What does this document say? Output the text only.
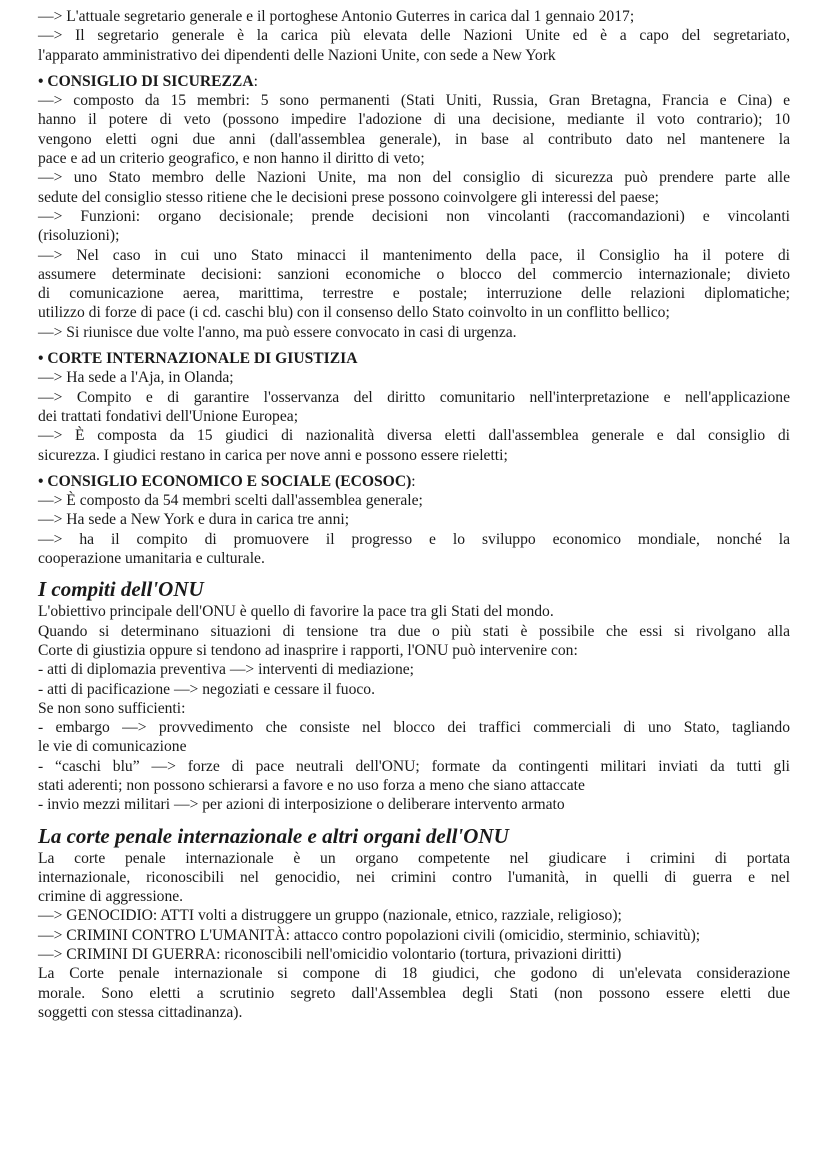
—> L'attuale segretario generale e il portoghese Antonio Guterres in carica dal 1 gennaio 2017;
—> Il segretario generale è la carica più elevata delle Nazioni Unite ed è a capo del segretariato,
l'apparato amministrativo dei dipendenti delle Nazioni Unite, con sede a New York
• CONSIGLIO DI SICUREZZA:
—> composto da 15 membri: 5 sono permanenti (Stati Uniti, Russia, Gran Bretagna, Francia e Cina) e
hanno il potere di veto (possono impedire l'adozione di una decisione, mediante il voto contrario); 10
vengono eletti ogni due anni (dall'assemblea generale), in base al contributo dato nel mantenere la
pace e ad un criterio geografico, e non hanno il diritto di veto;
—> uno Stato membro delle Nazioni Unite, ma non del consiglio di sicurezza può prendere parte alle
sedute del consiglio stesso ritiene che le decisioni prese possono coinvolgere gli interessi del paese;
—> Funzioni: organo decisionale; prende decisioni non vincolanti (raccomandazioni) e vincolanti
(risoluzioni);
—> Nel caso in cui uno Stato minacci il mantenimento della pace, il Consiglio ha il potere di
assumere determinate decisioni: sanzioni economiche o blocco del commercio internazionale; divieto
di comunicazione aerea, marittima, terrestre e postale; interruzione delle relazioni diplomatiche;
utilizzo di forze di pace (i cd. caschi blu) con il consenso dello Stato coinvolto in un conflitto bellico;
—> Si riunisce due volte l'anno, ma può essere convocato in casi di urgenza.
• CORTE INTERNAZIONALE DI GIUSTIZIA
—> Ha sede a l'Aja, in Olanda;
—> Compito e di garantire l'osservanza del diritto comunitario nell'interpretazione e nell'applicazione
dei trattati fondativi dell'Unione Europea;
—> È composta da 15 giudici di nazionalità diversa eletti dall'assemblea generale e dal consiglio di
sicurezza. I giudici restano in carica per nove anni e possono essere rieletti;
• CONSIGLIO ECONOMICO E SOCIALE (ECOSOC):
—> È composto da 54 membri scelti dall'assemblea generale;
—> Ha sede a New York e dura in carica tre anni;
—> ha il compito di promuovere il progresso e lo sviluppo economico mondiale, nonché la
cooperazione umanitaria e culturale.
I compiti dell'ONU
L'obiettivo principale dell'ONU è quello di favorire la pace tra gli Stati del mondo.
Quando si determinano situazioni di tensione tra due o più stati è possibile che essi si rivolgano alla
Corte di giustizia oppure si tendono ad inasprire i rapporti, l'ONU può intervenire con:
- atti di diplomazia preventiva —> interventi di mediazione;
- atti di pacificazione —> negoziati e cessare il fuoco.
Se non sono sufficienti:
- embargo —> provvedimento che consiste nel blocco dei traffici commerciali di uno Stato, tagliando
le vie di comunicazione
- “caschi blu” —> forze di pace neutrali dell'ONU; formate da contingenti militari inviati da tutti gli
stati aderenti; non possono schierarsi a favore e no uso forza a meno che siano attaccate
- invio mezzi militari —> per azioni di interposizione o deliberare intervento armato
La corte penale internazionale e altri organi dell'ONU
La corte penale internazionale è un organo competente nel giudicare i crimini di portata
internazionale, riconoscibili nel genocidio, nei crimini contro l'umanità, in quelli di guerra e nel
crimine di aggressione.
—> GENOCIDIO: ATTI volti a distruggere un gruppo (nazionale, etnico, razziale, religioso);
—> CRIMINI CONTRO L'UMANITÀ: attacco contro popolazioni civili (omicidio, sterminio, schiavitù);
—> CRIMINI DI GUERRA: riconoscibili nell'omicidio volontario (tortura, privazioni diritti)
La Corte penale internazionale si compone di 18 giudici, che godono di un'elevata considerazione
morale. Sono eletti a scrutinio segreto dall'Assemblea degli Stati (non possono essere eletti due
soggetti con stessa cittadinanza).
